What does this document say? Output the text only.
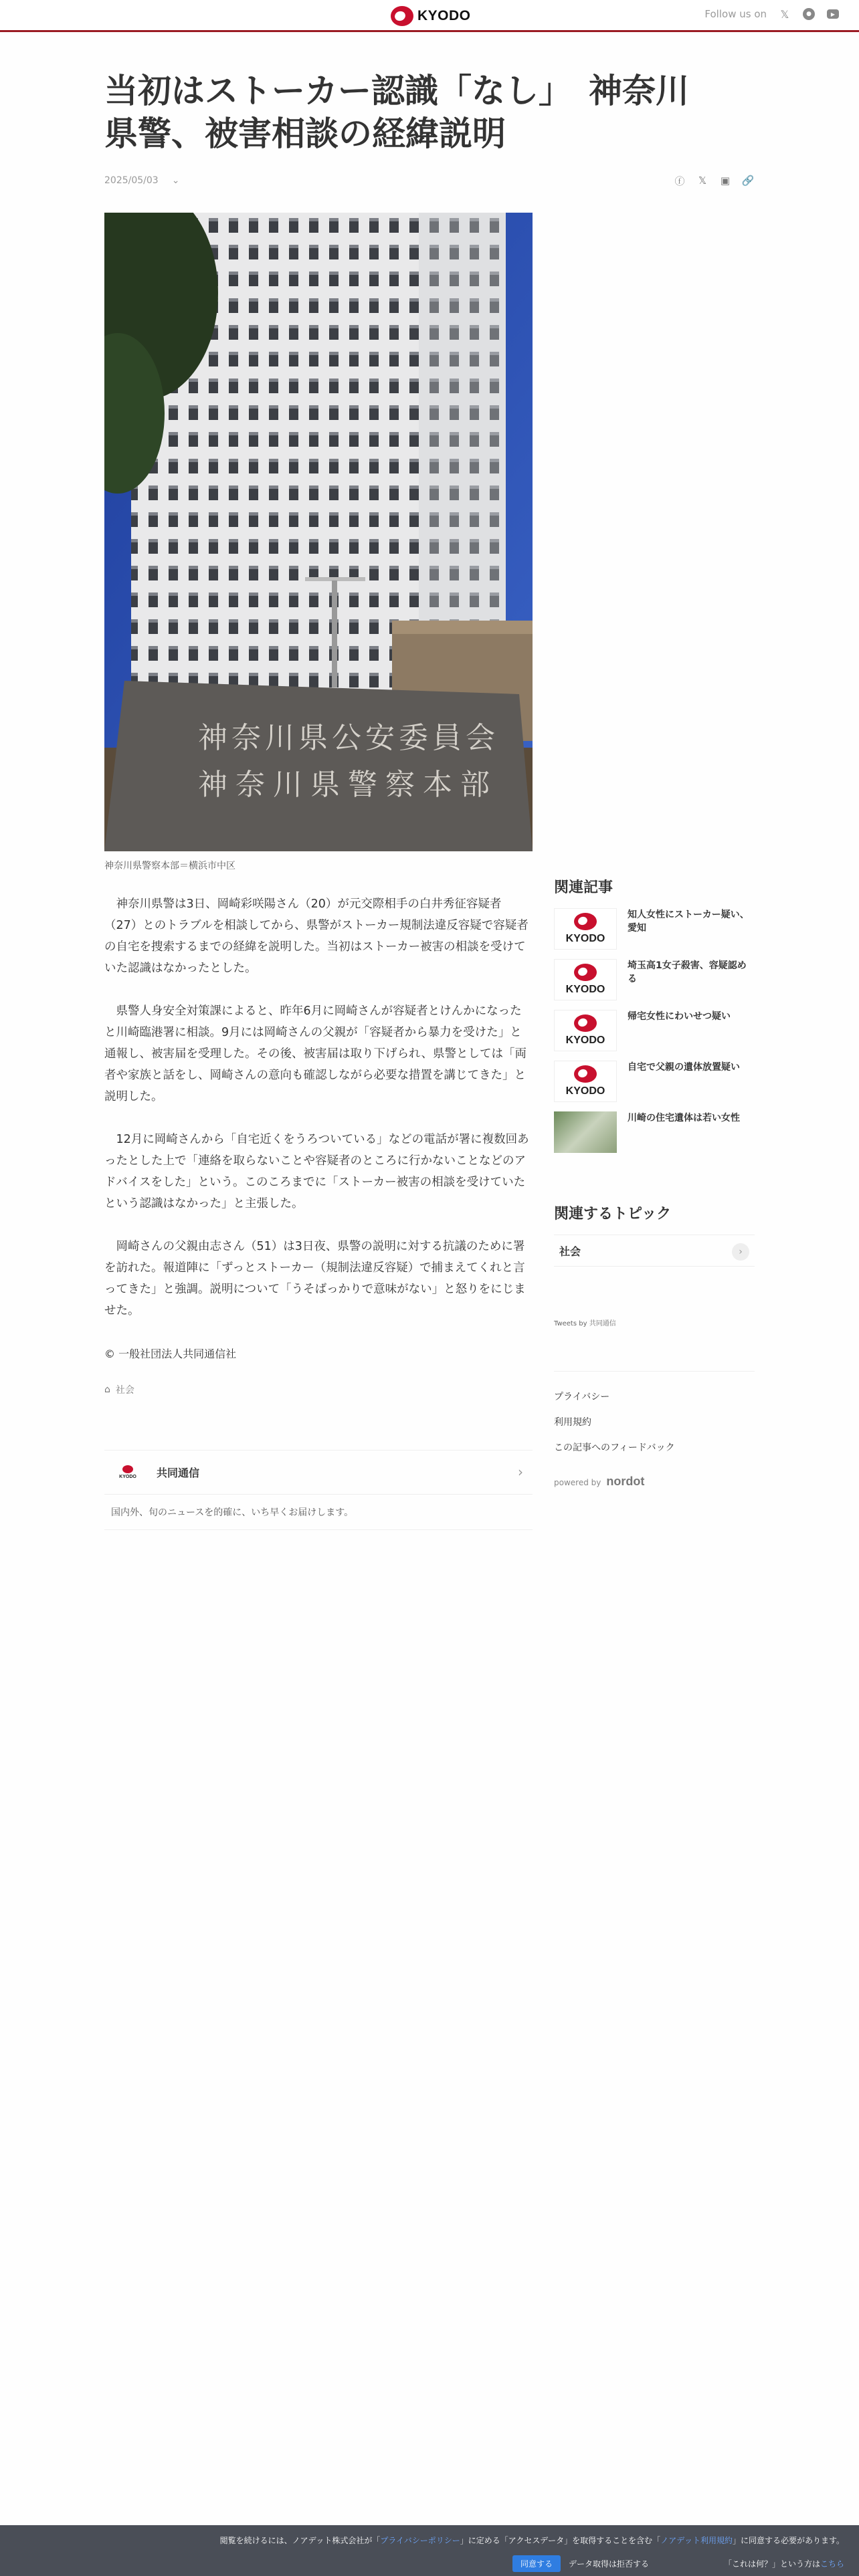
KYODO	Follow us on 𝕏	●	▶
当初はストーカー認識「なし」　神奈川県警、被害相談の経緯説明
2025/05/03 ⌄	ⓕ 𝕏 ▣ 🔗
神奈川県公安委員会
神奈川県警察本部
神奈川県警察本部＝横浜市中区

神奈川県警は3日、岡崎彩咲陽さん（20）が元交際相手の白井秀征容疑者（27）とのトラブルを相談してから、県警がストーカー規制法違反容疑で容疑者の自宅を捜索するまでの経緯を説明した。当初はストーカー被害の相談を受けていた認識はなかったとした。

県警人身安全対策課によると、昨年6月に岡崎さんが容疑者とけんかになったと川崎臨港署に相談。9月には岡崎さんの父親が「容疑者から暴力を受けた」と通報し、被害届を受理した。その後、被害届は取り下げられ、県警としては「両者や家族と話をし、岡崎さんの意向も確認しながら必要な措置を講じてきた」と説明した。

12月に岡崎さんから「自宅近くをうろついている」などの電話が署に複数回あったとした上で「連絡を取らないことや容疑者のところに行かないことなどのアドバイスをした」という。このころまでに「ストーカー被害の相談を受けていたという認識はなかった」と主張した。

岡崎さんの父親由志さん（51）は3日夜、県警の説明に対する抗議のために署を訪れた。報道陣に「ずっとストーカー（規制法違反容疑）で捕まえてくれと言ってきた」と強調。説明について「うそばっかりで意味がない」と怒りをにじませた。

© 一般社団法人共同通信社
⌂ 社会
KYODO 共同通信	›
国内外、旬のニュースを的確に、いち早くお届けします。
関連記事
KYODO
知人女性にストーカー疑い、愛知
KYODO
埼玉高1女子殺害、容疑認める
KYODO
帰宅女性にわいせつ疑い
KYODO
自宅で父親の遺体放置疑い
川崎の住宅遺体は若い女性
関連するトピック
社会	›
Tweets by 共同通信
プライバシー
利用規約
この記事へのフィードバック
powered by nordot
閲覧を続けるには、ノアデット株式会社が「プライバシーポリシー」に定める「アクセスデータ」を取得することを含む「ノアデット利用規約」に同意する必要があります。
同意する	データ取得は拒否する	「これは何？」という方はこちら
